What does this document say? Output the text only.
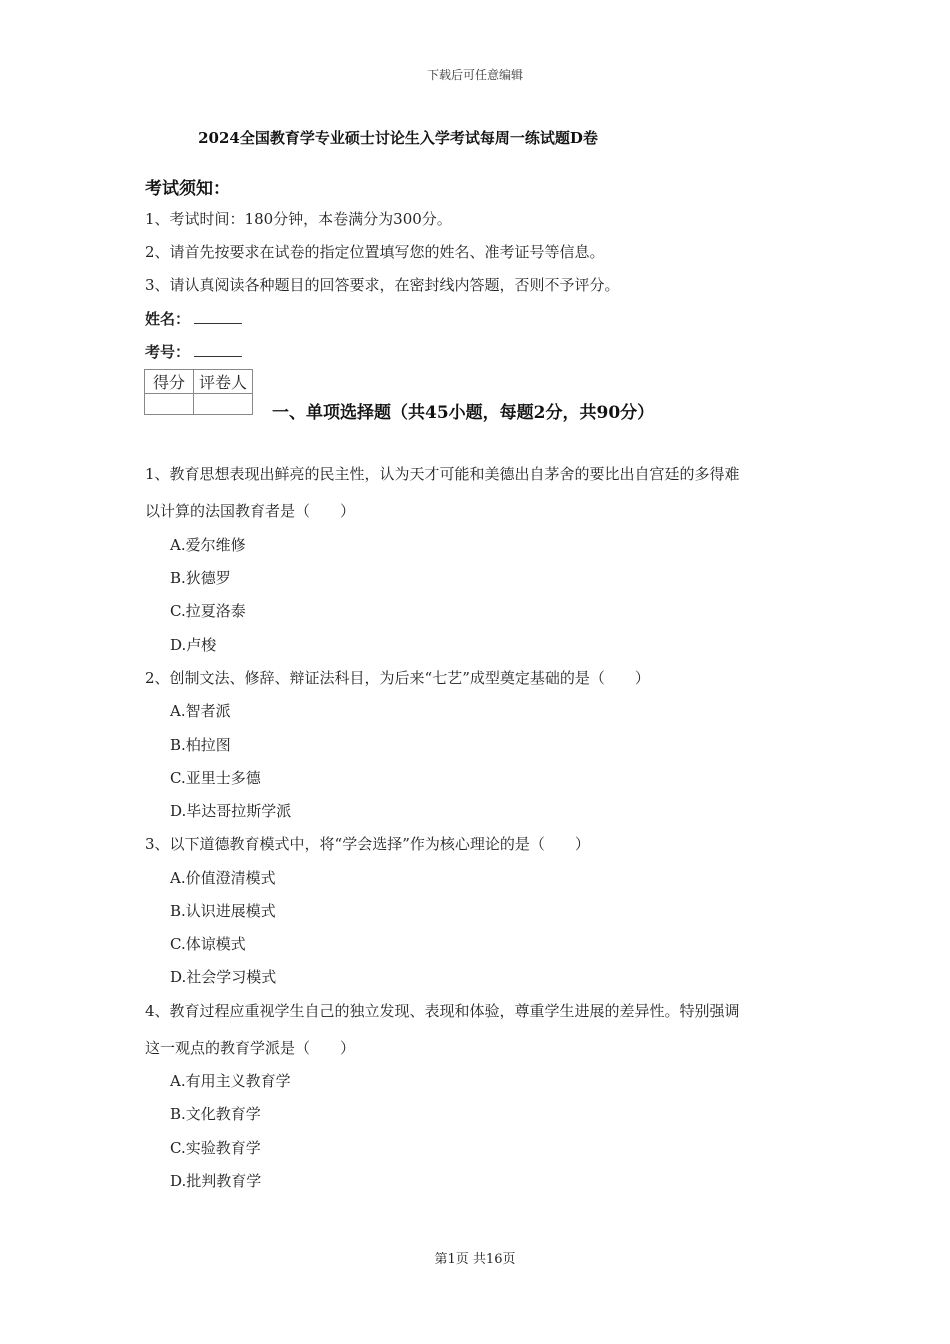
下载后可任意编辑
2024全国教育学专业硕士讨论生入学考试每周一练试题D卷
考试须知：
1、考试时间：180分钟，本卷满分为300分。
2、请首先按要求在试卷的指定位置填写您的姓名、准考证号等信息。
3、请认真阅读各种题目的回答要求，在密封线内答题，否则不予评分。
姓名：
考号：
得分	评卷人

一、单项选择题（共45小题，每题2分，共90分）
1、教育思想表现出鲜亮的民主性，认为天才可能和美德出自茅舍的要比出自宫廷的多得难
以计算的法国教育者是（　　）
A.爱尔维修
B.狄德罗
C.拉夏洛泰
D.卢梭
2、创制文法、修辞、辩证法科目，为后来“七艺”成型奠定基础的是（　　）
A.智者派
B.柏拉图
C.亚里士多德
D.毕达哥拉斯学派
3、以下道德教育模式中，将“学会选择”作为核心理论的是（　　）
A.价值澄清模式
B.认识进展模式
C.体谅模式
D.社会学习模式
4、教育过程应重视学生自己的独立发现、表现和体验，尊重学生进展的差异性。特别强调
这一观点的教育学派是（　　）
A.有用主义教育学
B.文化教育学
C.实验教育学
D.批判教育学
第1页 共16页
